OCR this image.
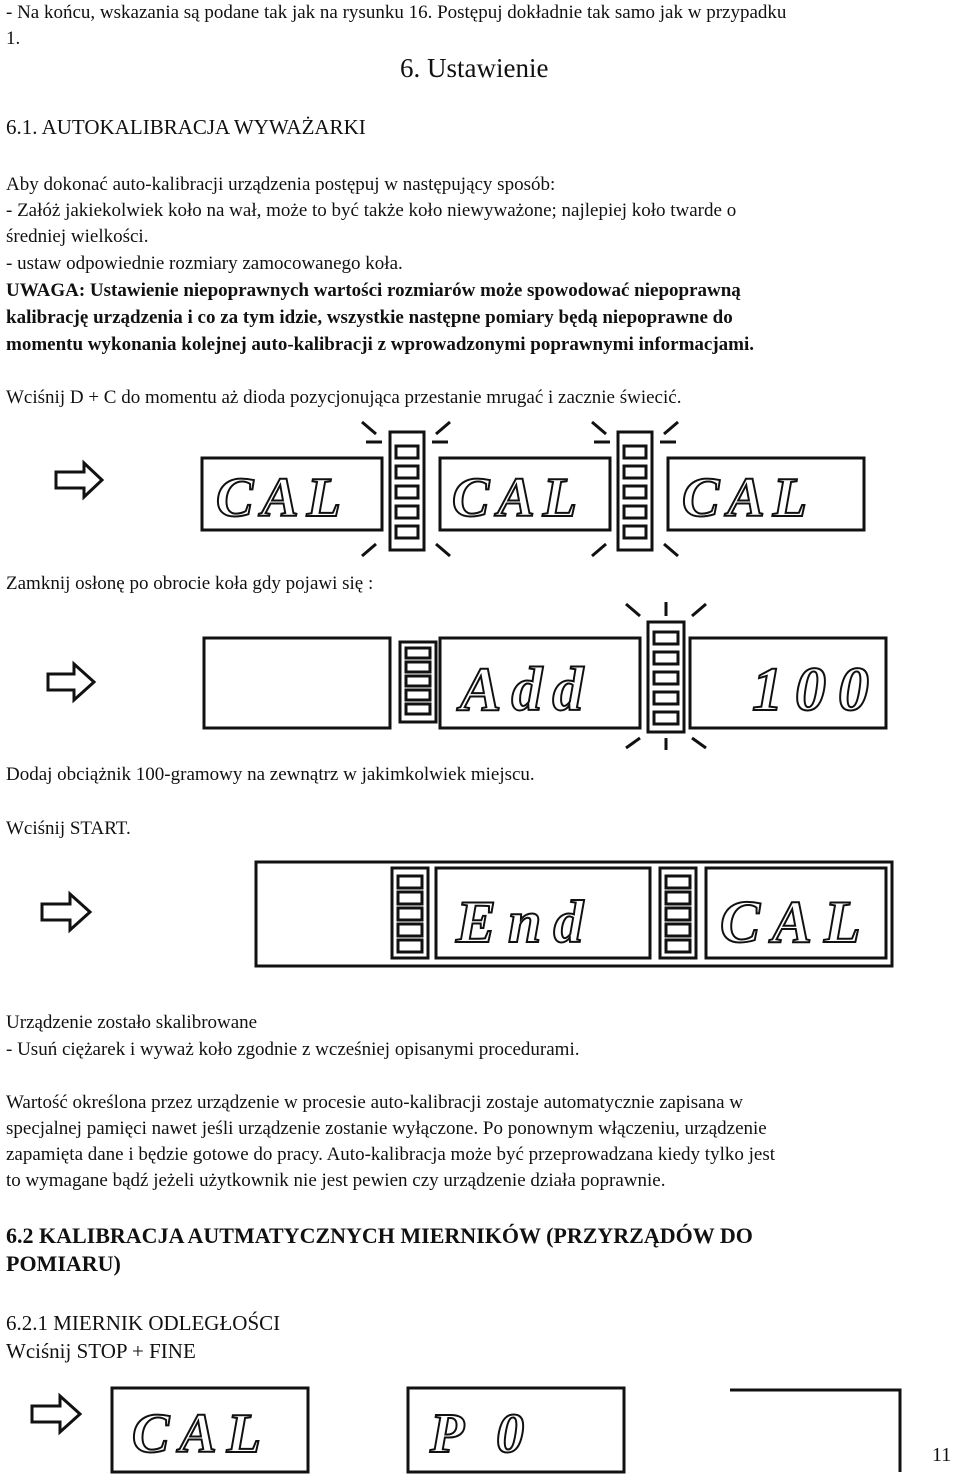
- Na końcu, wskazania są podane tak jak na rysunku 16. Postępuj dokładnie tak samo jak w przypadku
1.
6. Ustawienie
6.1. AUTOKALIBRACJA WYWAŻARKI
Aby dokonać auto-kalibracji urządzenia postępuj w następujący sposób:
- Załóż jakiekolwiek koło na wał, może to być także koło niewyważone; najlepiej koło twarde o
średniej wielkości.
- ustaw odpowiednie rozmiary zamocowanego koła.
UWAGA: Ustawienie niepoprawnych wartości rozmiarów może spowodować niepoprawną
kalibrację urządzenia i co za tym idzie, wszystkie następne pomiary będą niepoprawne do
momentu wykonania kolejnej auto-kalibracji z wprowadzonymi poprawnymi informacjami.
Wciśnij D + C do momentu aż dioda pozycjonująca przestanie mrugać i zacznie świecić.
CAL CAL CAL
Zamknij osłonę po obrocie koła gdy pojawi się :
Add	100
Dodaj obciążnik 100-gramowy na zewnątrz w jakimkolwiek miejscu.
Wciśnij START.
End CAL
Urządzenie zostało skalibrowane
- Usuń ciężarek i wyważ koło zgodnie z wcześniej opisanymi procedurami.
Wartość określona przez urządzenie w procesie auto-kalibracji zostaje automatycznie zapisana w
specjalnej pamięci nawet jeśli urządzenie zostanie wyłączone. Po ponownym włączeniu, urządzenie
zapamięta dane i będzie gotowe do pracy. Auto-kalibracja może być przeprowadzana kiedy tylko jest
to wymagane bądź jeżeli użytkownik nie jest pewien czy urządzenie działa poprawnie.
6.2 KALIBRACJA AUTMATYCZNYCH MIERNIKÓW (PRZYRZĄDÓW DO
POMIARU)
6.2.1 MIERNIK ODLEGŁOŚCI
Wciśnij STOP + FINE
CAL	P 0	11
